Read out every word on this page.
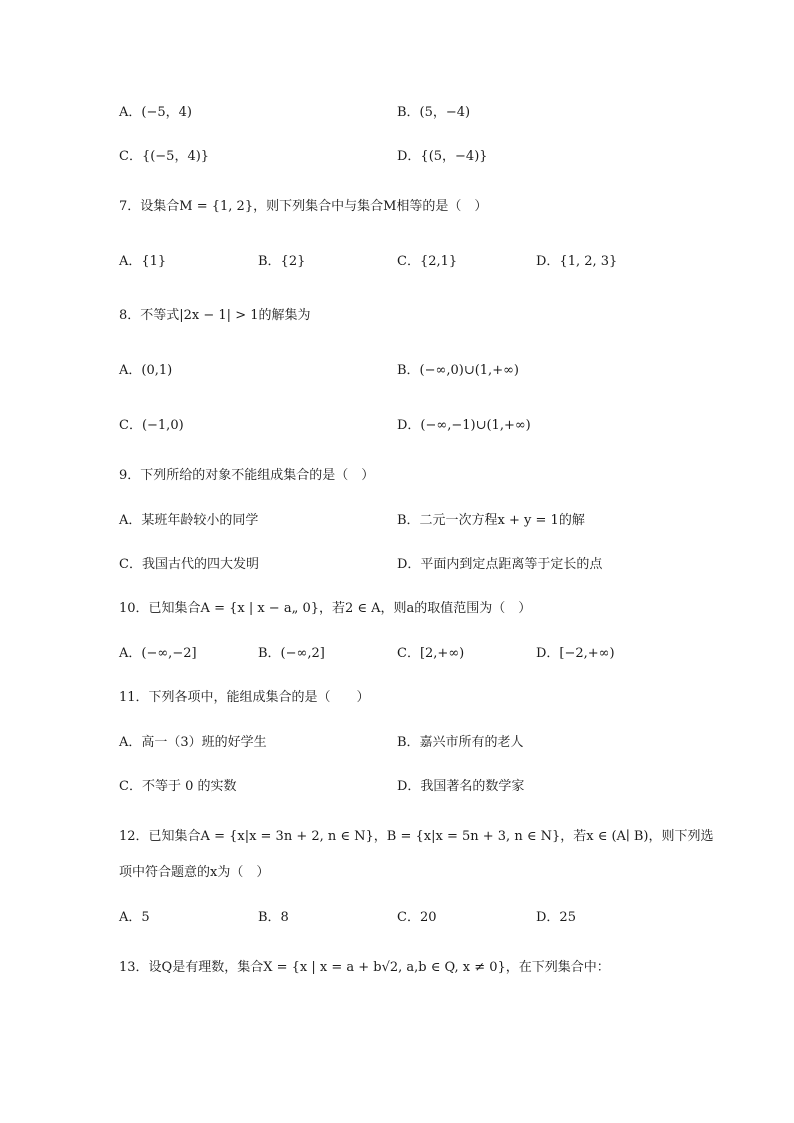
A．(−5，4)	B．(5，−4)
C．{(−5，4)}	D．{(5，−4)}
7．设集合M = {1, 2}，则下列集合中与集合M相等的是（　）
A．{1}	B．{2}	C．{2,1}	D．{1, 2, 3}
8．不等式|2x − 1| > 1的解集为
A．(0,1)	B．(−∞,0)∪(1,+∞)
C．(−1,0)	D．(−∞,−1)∪(1,+∞)
9．下列所给的对象不能组成集合的是（　）
A．某班年龄较小的同学	B．二元一次方程x + y = 1的解
C．我国古代的四大发明	D．平面内到定点距离等于定长的点
10．已知集合A = {x | x − a„ 0}，若2 ∈ A，则a的取值范围为（　）
A．(−∞,−2]	B．(−∞,2]	C．[2,+∞)	D．[−2,+∞)
11．下列各项中，能组成集合的是（　　）
A．高一（3）班的好学生	B．嘉兴市所有的老人
C．不等于 0 的实数	D．我国著名的数学家
12．已知集合A = {x|x = 3n + 2, n ∈ N}，B = {x|x = 5n + 3, n ∈ N}，若x ∈ (A∣ B)，则下列选
项中符合题意的x为（　）
A．5	B．8	C．20	D．25
13．设Q是有理数，集合X = {x | x = a + b√2, a,b ∈ Q, x ≠ 0}，在下列集合中：
